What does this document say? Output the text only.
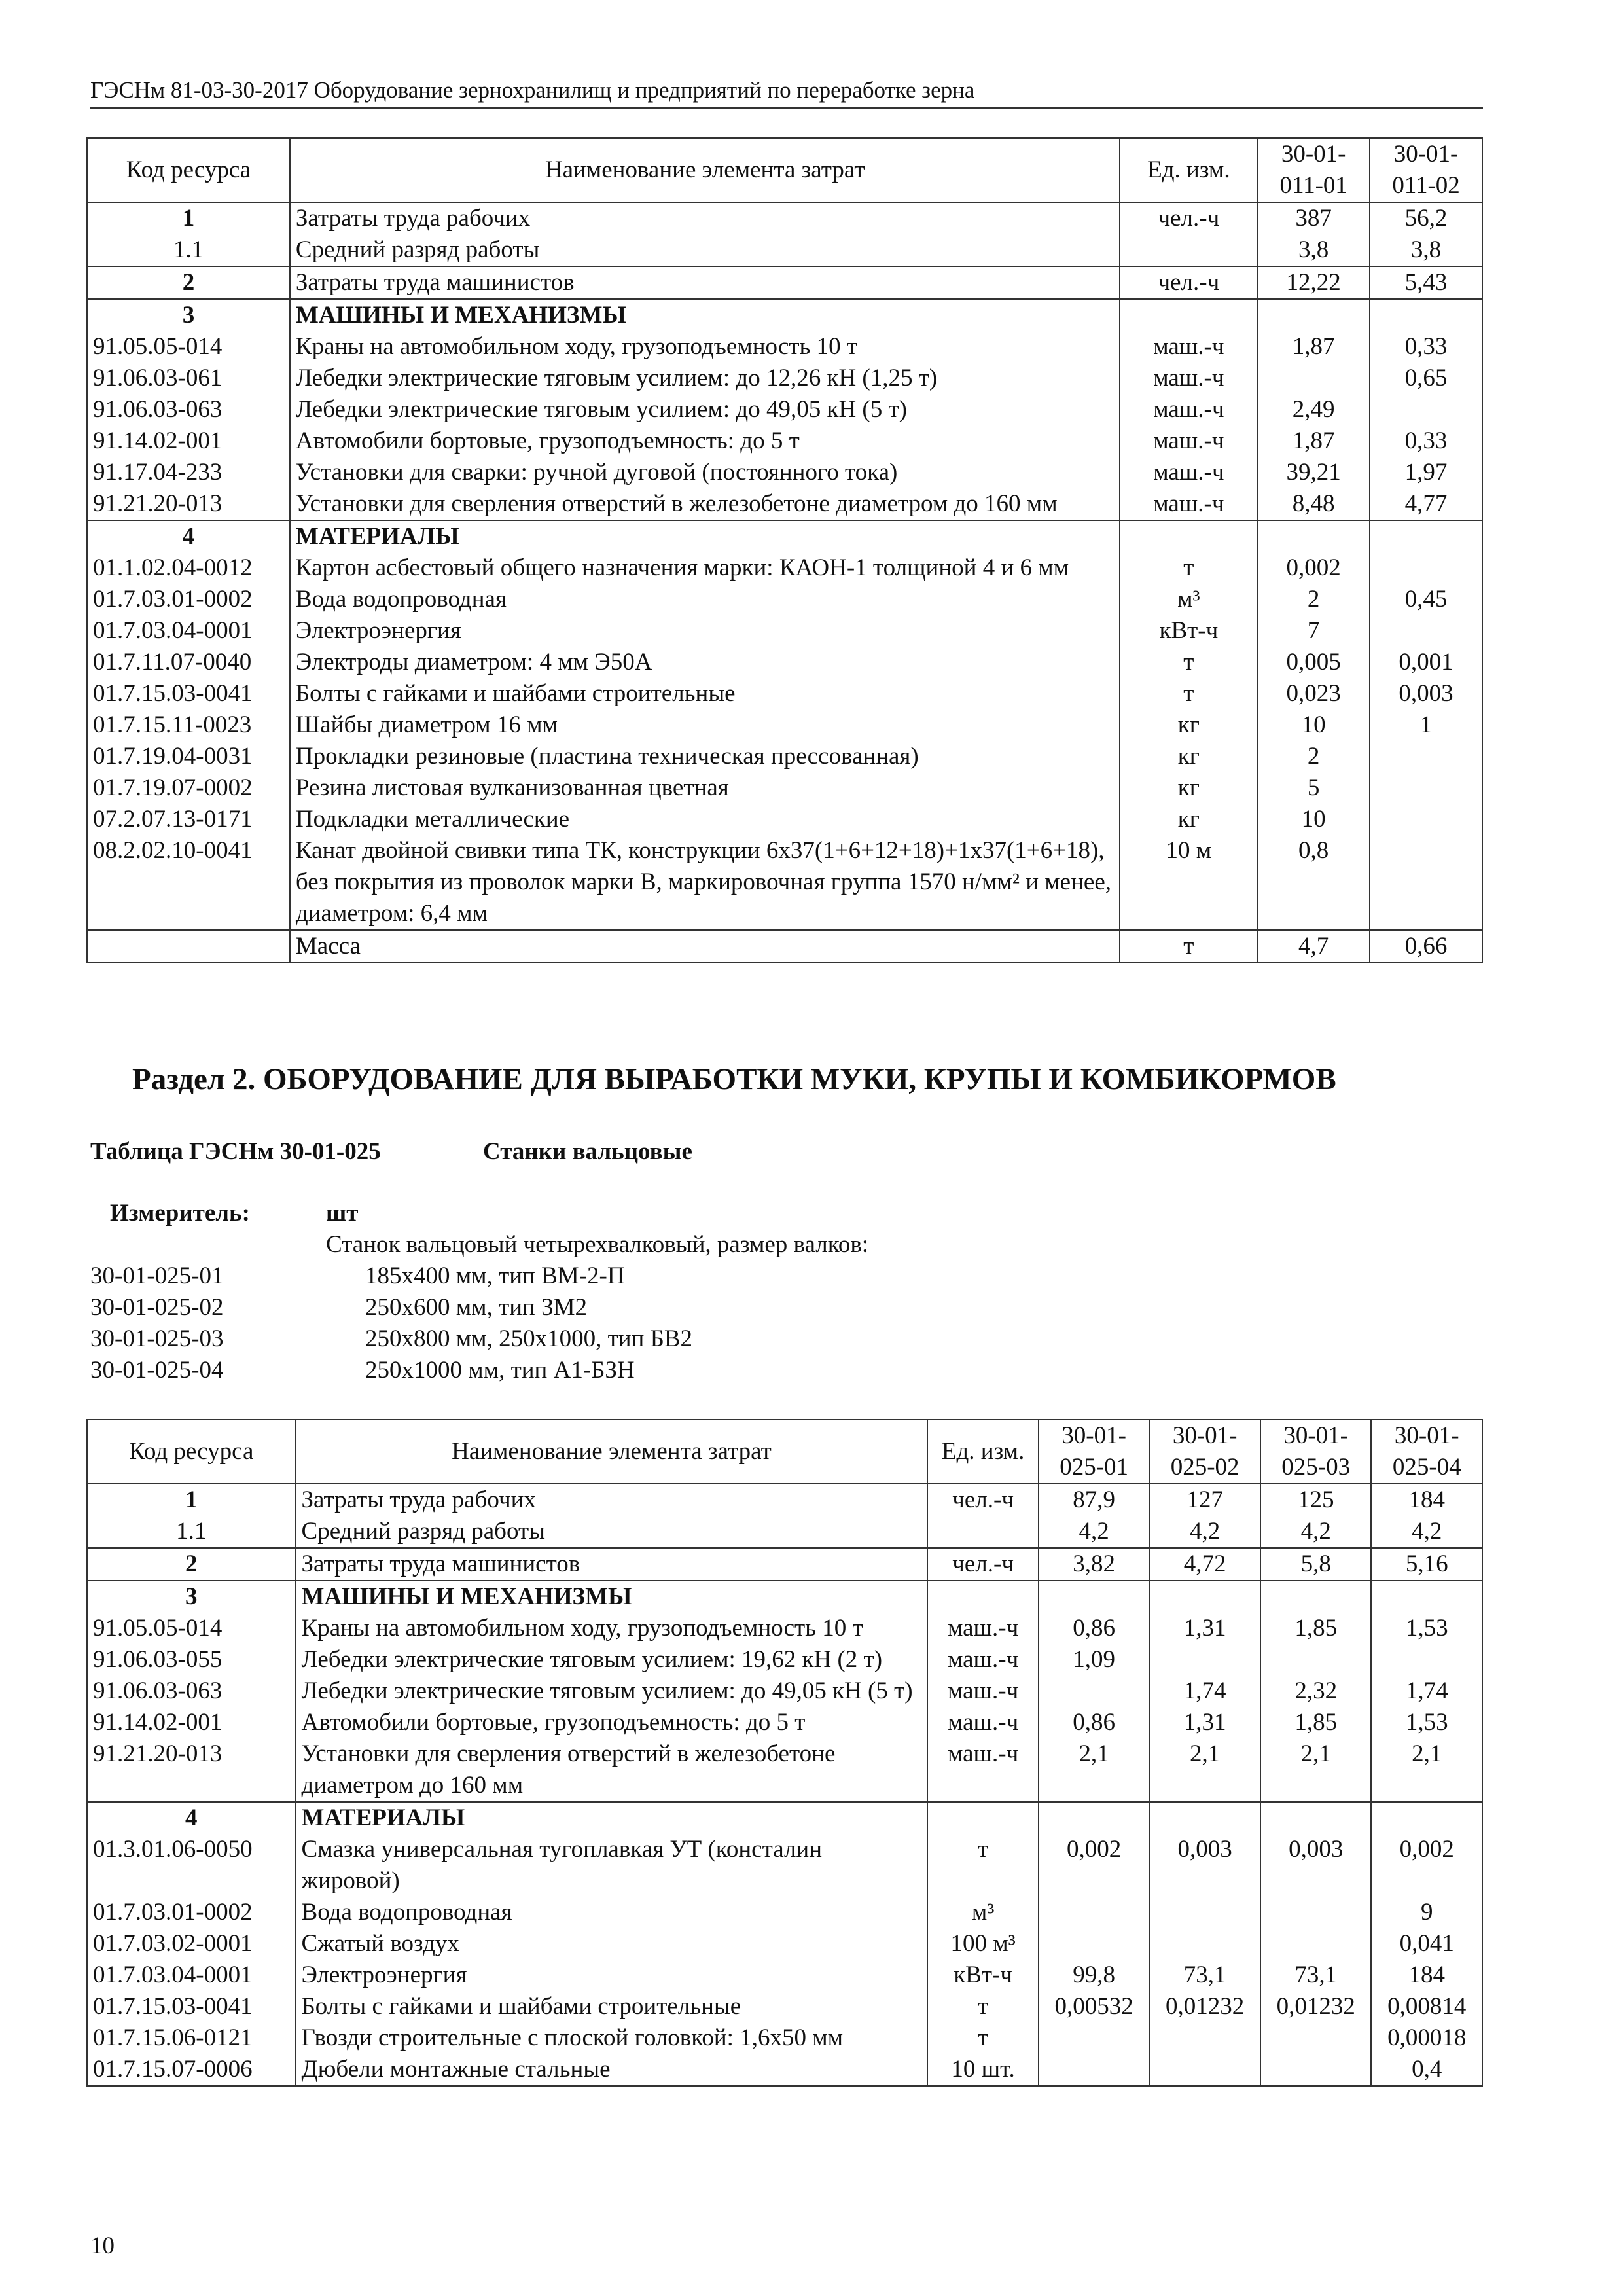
ГЭСНм 81-03-30-2017 Оборудование зернохранилищ и предприятий по переработке зерна
Код ресурса	Наименование элемента затрат	Ед. изм.	30-01-011-01	30-01-011-02
1	Затраты труда рабочих	чел.-ч	387	56,2
1.1	Средний разряд работы		3,8	3,8
2	Затраты труда машинистов	чел.-ч	12,22	5,43
3	МАШИНЫ И МЕХАНИЗМЫ			
91.05.05-014	Краны на автомобильном ходу, грузоподъемность 10 т	маш.-ч	1,87	0,33
91.06.03-061	Лебедки электрические тяговым усилием: до 12,26 кН (1,25 т)	маш.-ч		0,65
91.06.03-063	Лебедки электрические тяговым усилием: до 49,05 кН (5 т)	маш.-ч	2,49	
91.14.02-001	Автомобили бортовые, грузоподъемность: до 5 т	маш.-ч	1,87	0,33
91.17.04-233	Установки для сварки: ручной дуговой (постоянного тока)	маш.-ч	39,21	1,97
91.21.20-013	Установки для сверления отверстий в железобетоне диаметром до 160 мм	маш.-ч	8,48	4,77
4	МАТЕРИАЛЫ			
01.1.02.04-0012	Картон асбестовый общего назначения марки: КАОН-1 толщиной 4 и 6 мм	т	0,002	
01.7.03.01-0002	Вода водопроводная	м³	2	0,45
01.7.03.04-0001	Электроэнергия	кВт-ч	7	
01.7.11.07-0040	Электроды диаметром: 4 мм Э50А	т	0,005	0,001
01.7.15.03-0041	Болты с гайками и шайбами строительные	т	0,023	0,003
01.7.15.11-0023	Шайбы диаметром 16 мм	кг	10	1
01.7.19.04-0031	Прокладки резиновые (пластина техническая прессованная)	кг	2	
01.7.19.07-0002	Резина листовая вулканизованная цветная	кг	5	
07.2.07.13-0171	Подкладки металлические	кг	10	
08.2.02.10-0041	Канат двойной свивки типа ТК, конструкции 6х37(1+6+12+18)+1х37(1+6+18), без покрытия из проволок марки В, маркировочная группа 1570 н/мм² и менее, диаметром: 6,4 мм	10 м	0,8	
	Масса	т	4,7	0,66
Раздел 2. ОБОРУДОВАНИЕ ДЛЯ ВЫРАБОТКИ МУКИ, КРУПЫ И КОМБИКОРМОВ
Таблица ГЭСНм 30-01-025	Станки вальцовые
Измеритель:	шт
Станок вальцовый четырехвалковый, размер валков:
30-01-025-01	185х400 мм, тип ВМ-2-П
30-01-025-02	250х600 мм, тип ЗМ2
30-01-025-03	250х800 мм, 250х1000, тип БВ2
30-01-025-04	250х1000 мм, тип А1-БЗН
Код ресурса	Наименование элемента затрат	Ед. изм.	30-01-025-01	30-01-025-02	30-01-025-03	30-01-025-04
1	Затраты труда рабочих	чел.-ч	87,9	127	125	184
1.1	Средний разряд работы		4,2	4,2	4,2	4,2
2	Затраты труда машинистов	чел.-ч	3,82	4,72	5,8	5,16
3	МАШИНЫ И МЕХАНИЗМЫ					
91.05.05-014	Краны на автомобильном ходу, грузоподъемность 10 т	маш.-ч	0,86	1,31	1,85	1,53
91.06.03-055	Лебедки электрические тяговым усилием: 19,62 кН (2 т)	маш.-ч	1,09			
91.06.03-063	Лебедки электрические тяговым усилием: до 49,05 кН (5 т)	маш.-ч		1,74	2,32	1,74
91.14.02-001	Автомобили бортовые, грузоподъемность: до 5 т	маш.-ч	0,86	1,31	1,85	1,53
91.21.20-013	Установки для сверления отверстий в железобетоне диаметром до 160 мм	маш.-ч	2,1	2,1	2,1	2,1
4	МАТЕРИАЛЫ					
01.3.01.06-0050	Смазка универсальная тугоплавкая УТ (консталин жировой)	т	0,002	0,003	0,003	0,002
01.7.03.01-0002	Вода водопроводная	м³				9
01.7.03.02-0001	Сжатый воздух	100 м³				0,041
01.7.03.04-0001	Электроэнергия	кВт-ч	99,8	73,1	73,1	184
01.7.15.03-0041	Болты с гайками и шайбами строительные	т	0,00532	0,01232	0,01232	0,00814
01.7.15.06-0121	Гвозди строительные с плоской головкой: 1,6х50 мм	т				0,00018
01.7.15.07-0006	Дюбели монтажные стальные	10 шт.				0,4
10
